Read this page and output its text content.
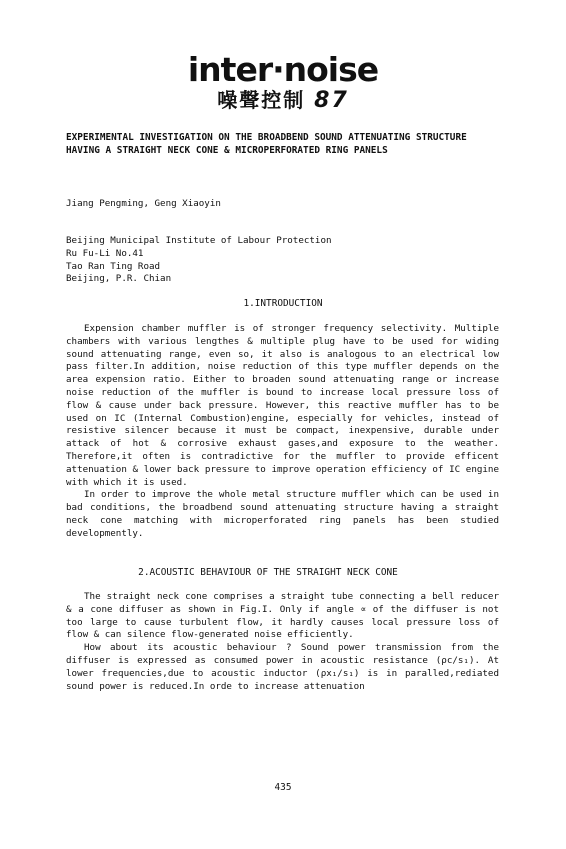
inter·noise
噪聲控制 87
EXPERIMENTAL INVESTIGATION ON THE BROADBEND SOUND ATTENUATING STRUCTURE
HAVING A STRAIGHT NECK CONE & MICROPERFORATED RING PANELS
Jiang Pengming, Geng Xiaoyin
Beijing Municipal Institute of Labour Protection
Ru Fu-Li No.41
Tao Ran Ting Road
Beijing, P.R. Chian
1.INTRODUCTION

Expension chamber muffler is of stronger frequency selectivity. Multiple chambers with various lengthes & multiple plug have to be used for widing sound attenuating range, even so, it also is analogous to an electrical low pass filter.In addition, noise reduction of this type muffler depends on the area expension ratio. Either to broaden sound attenuating range or increase noise reduction of the muffler is bound to increase local pressure loss of flow & cause under back pressure. However, this reactive muffler has to be used on IC (Internal Combustion)engine, especially for vehicles, instead of resistive silencer because it must be compact, inexpensive, durable under attack of hot & corrosive exhaust gases,and exposure to the weather. Therefore,it often is contradictive for the muffler to provide efficent attenuation & lower back pressure to improve operation efficiency of IC engine with which it is used.

In order to improve the whole metal structure muffler which can be used in bad conditions, the broadbend sound attenuating structure having a straight neck cone matching with microperforated ring panels has been studied developmently.

2.ACOUSTIC BEHAVIOUR OF THE STRAIGHT NECK CONE

The straight neck cone comprises a straight tube connecting a bell reducer & a cone diffuser as shown in Fig.I. Only if angle ∝ of the diffuser is not too large to cause turbulent flow, it hardly causes local pressure loss of flow & can silence flow-generated noise efficiently.

How about its acoustic behaviour ? Sound power transmission from the diffuser is expressed as consumed power in acoustic resistance (ρc/s₁). At lower frequencies,due to acoustic inductor (ρx₁/s₁) is in paralled,rediated sound power is reduced.In orde to increase attenuation

435
